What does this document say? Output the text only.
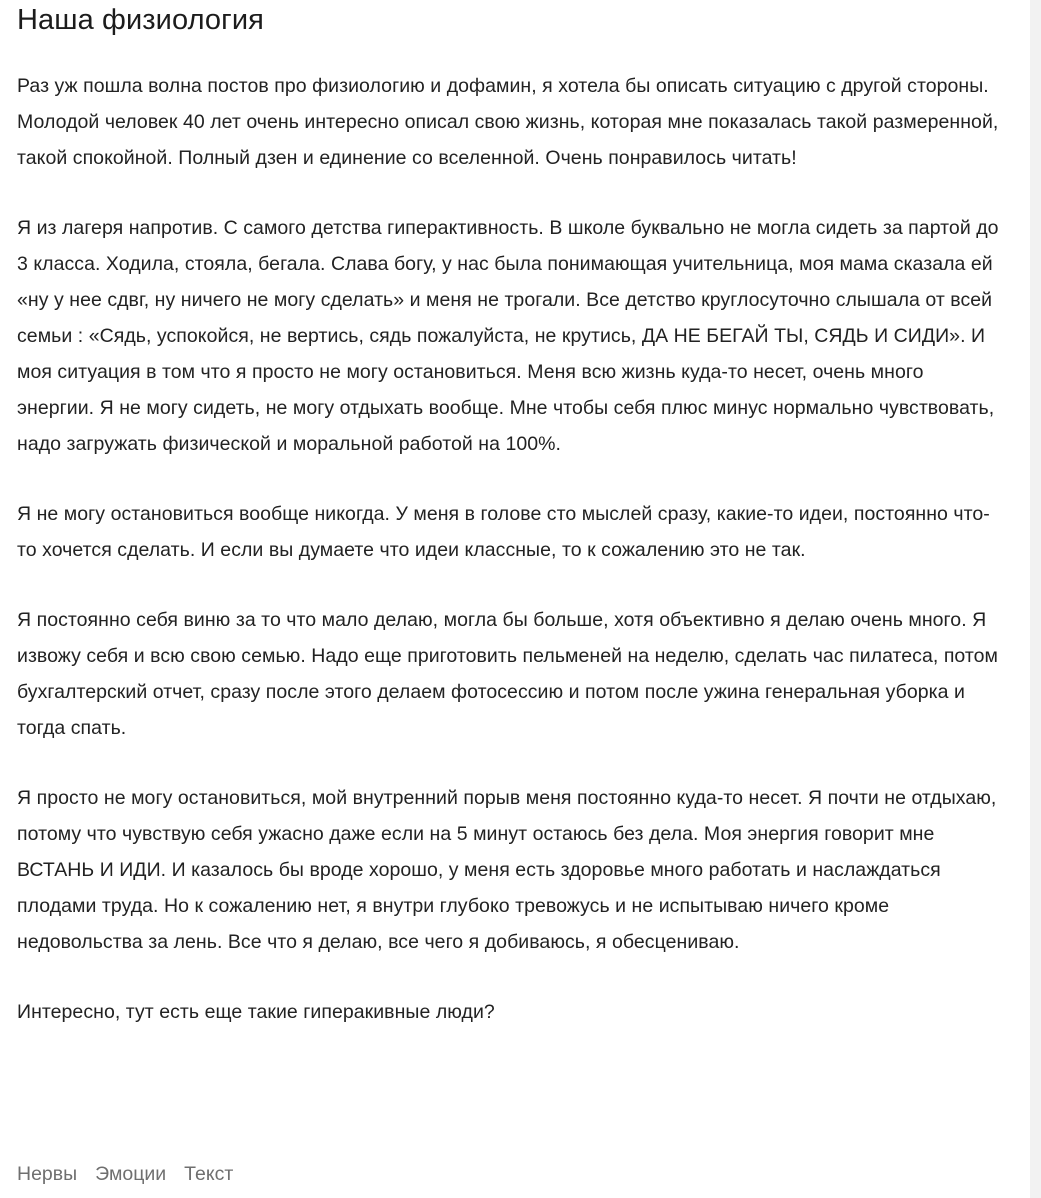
Наша физиология

Раз уж пошла волна постов про физиологию и дофамин, я хотела бы описать ситуацию с другой стороны. Молодой человек 40 лет очень интересно описал свою жизнь, которая мне показалась такой размеренной, такой спокойной. Полный дзен и единение со вселенной. Очень понравилось читать!

Я из лагеря напротив. С самого детства гиперактивность. В школе буквально не могла сидеть за партой до 3 класса. Ходила, стояла, бегала. Слава богу, у нас была понимающая учительница, моя мама сказала ей «ну у нее сдвг, ну ничего не могу сделать» и меня не трогали. Все детство круглосуточно слышала от всей семьи : «Сядь, успокойся, не вертись, сядь пожалуйста, не крутись, ДА НЕ БЕГАЙ ТЫ, СЯДЬ И СИДИ». И моя ситуация в том что я просто не могу остановиться. Меня всю жизнь куда-то несет, очень много энергии. Я не могу сидеть, не могу отдыхать вообще. Мне чтобы себя плюс минус нормально чувствовать, надо загружать физической и моральной работой на 100%.

Я не могу остановиться вообще никогда. У меня в голове сто мыслей сразу, какие-то идеи, постоянно что-то хочется сделать. И если вы думаете что идеи классные, то к сожалению это не так.

Я постоянно себя виню за то что мало делаю, могла бы больше, хотя объективно я делаю очень много. Я извожу себя и всю свою семью. Надо еще приготовить пельменей на неделю, сделать час пилатеса, потом бухгалтерский отчет, сразу после этого делаем фотосессию и потом после ужина генеральная уборка и тогда спать.

Я просто не могу остановиться, мой внутренний порыв меня постоянно куда-то несет. Я почти не отдыхаю, потому что чувствую себя ужасно даже если на 5 минут остаюсь без дела. Моя энергия говорит мне ВСТАНЬ И ИДИ. И казалось бы вроде хорошо, у меня есть здоровье много работать и наслаждаться плодами труда. Но к сожалению нет, я внутри глубоко тревожусь и не испытываю ничего кроме недовольства за лень. Все что я делаю, все чего я добиваюсь, я обесцениваю.

Интересно, тут есть еще такие гиперакивные люди?

Нервы Эмоции Текст
